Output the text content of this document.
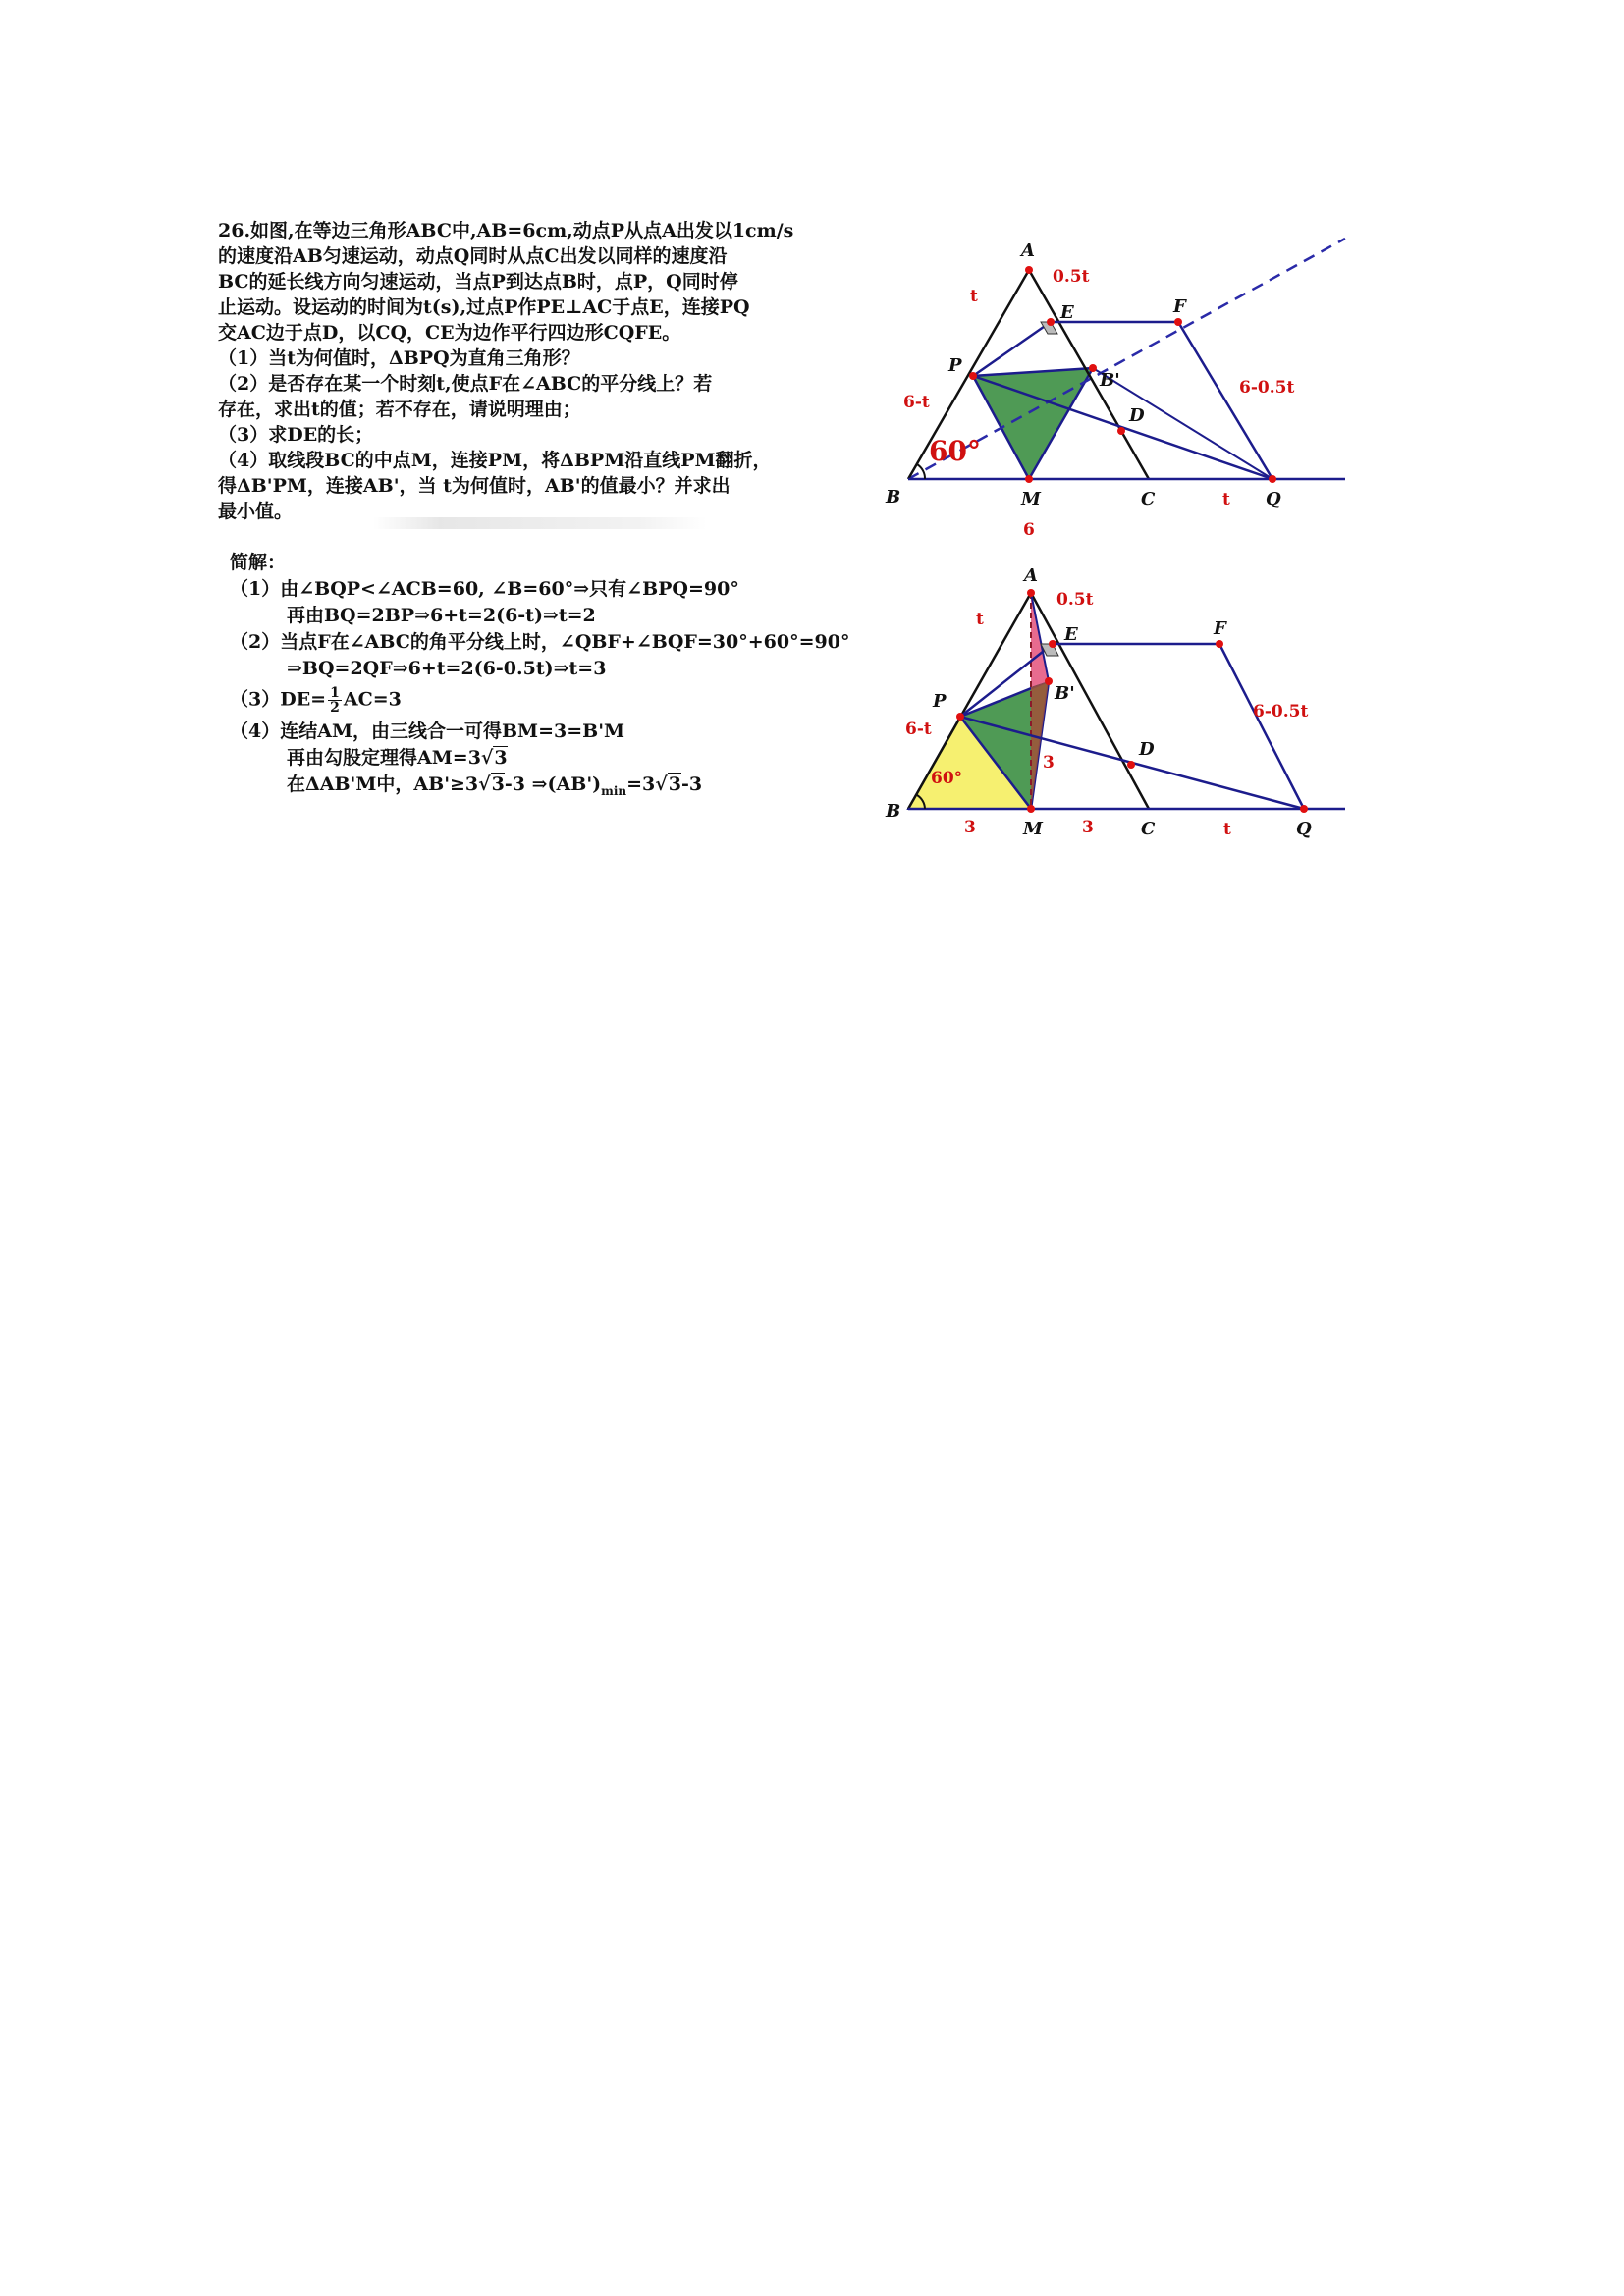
26.如图,在等边三角形ABC中,AB=6cm,动点P从点A出发以1cm/s

的速度沿AB匀速运动，动点Q同时从点C出发以同样的速度沿

BC的延长线方向匀速运动，当点P到达点B时，点P，Q同时停

止运动。设运动的时间为t(s),过点P作PE⊥AC于点E，连接PQ

交AC边于点D，以CQ，CE为边作平行四边形CQFE。

（1）当t为何值时，ΔBPQ为直角三角形？

（2）是否存在某一个时刻t,使点F在∠ABC的平分线上？若

存在，求出t的值；若不存在，请说明理由；

（3）求DE的长；

（4）取线段BC的中点M，连接PM，将ΔBPM沿直线PM翻折，

得ΔB'PM，连接AB'，当 t为何值时，AB'的值最小？并求出

最小值。

简解：

（1）由∠BQP<∠ACB=60, ∠B=60°⇒只有∠BPQ=90°

再由BQ=2BP⇒6+t=2(6-t)⇒t=2

（2）当点F在∠ABC的角平分线上时，∠QBF+∠BQF=30°+60°=90°

⇒BQ=2QF⇒6+t=2(6-0.5t)⇒t=3

$(3)DE= \frac{1}{2} AC=3$

（4）连结AM，由三线合一可得BM=3=B'M

再由勾股定理得AM=3√3

在ΔAB'M中，AB'≥3√3-3 $\Rightarrow(AB')_{min}=3√3-3$

A
B	C
P
Q
E	F
D
M
B'
0.5t
t
6-t
6-0.5t
t
6
60°
A
B
C
P
Q
E	F
D
M
B'
0.5t
t
6-t
6-0.5t
t
3	3
3
60°
